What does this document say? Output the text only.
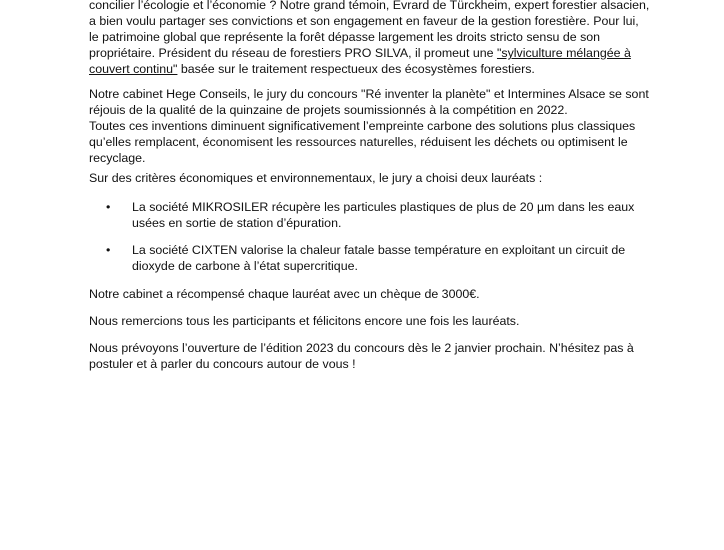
concilier l’écologie et l’économie ? Notre grand témoin, Evrard de Türckheim, expert forestier alsacien,
a bien voulu partager ses convictions et son engagement en faveur de la gestion forestière. Pour lui,
le patrimoine global que représente la forêt dépasse largement les droits stricto sensu de son
propriétaire. Président du réseau de forestiers PRO SILVA, il promeut une "sylviculture mélangée à
couvert continu" basée sur le traitement respectueux des écosystèmes forestiers.

Notre cabinet Hege Conseils, le jury du concours "Ré inventer la planète" et Intermines Alsace se sont
réjouis de la qualité de la quinzaine de projets soumissionnés à la compétition en 2022.
Toutes ces inventions diminuent significativement l’empreinte carbone des solutions plus classiques
qu’elles remplacent, économisent les ressources naturelles, réduisent les déchets ou optimisent le
recyclage.

Sur des critères économiques et environnementaux, le jury a choisi deux lauréats :

• La société MIKROSILER récupère les particules plastiques de plus de 20 µm dans les eaux
usées en sortie de station d’épuration.
• La société CIXTEN valorise la chaleur fatale basse température en exploitant un circuit de
dioxyde de carbone à l’état supercritique.

Notre cabinet a récompensé chaque lauréat avec un chèque de 3000€.

Nous remercions tous les participants et félicitons encore une fois les lauréats.

Nous prévoyons l’ouverture de l’édition 2023 du concours dès le 2 janvier prochain. N’hésitez pas à
postuler et à parler du concours autour de vous !
